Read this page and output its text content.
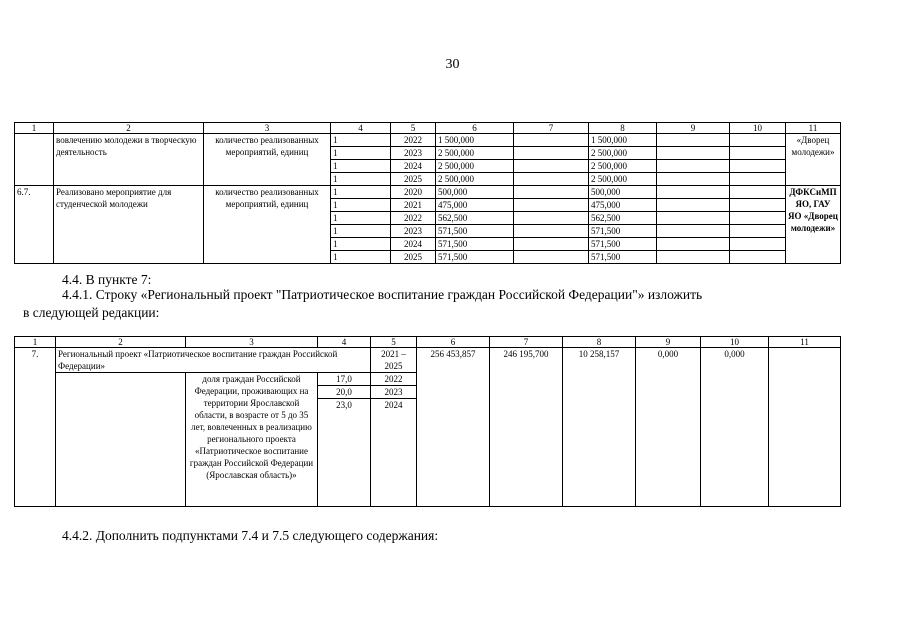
30
1	2	3	4	5	6	7	8	9	10	11
	вовлечению молодежи в творческую деятельность	количество реализованных мероприятий, единиц	1	2022	1 500,000		1 500,000			«Дворец молодежи»
			1	2023	2 500,000		2 500,000			
			1	2024	2 500,000		2 500,000			
			1	2025	2 500,000		2 500,000			
6.7.	Реализовано мероприятие для студенческой молодежи	количество реализованных мероприятий, единиц	1	2020	500,000		500,000			ДФКСиМП ЯО, ГАУ ЯО «Дворец молодежи»
			1	2021	475,000		475,000			
			1	2022	562,500		562,500			
			1	2023	571,500		571,500			
			1	2024	571,500		571,500			
			1	2025	571,500		571,500			
4.4. В пункте 7:
4.4.1. Строку «Региональный проект "Патриотическое воспитание граждан Российской Федерации"» изложить
в следующей редакции:
1	2	3	4	5	6	7	8	9	10	11
7.	Региональный проект «Патриотическое воспитание граждан Российской Федерации»			2021 – 2025	256 453,857	246 195,700	10 258,157	0,000	0,000	
		доля граждан Российской Федерации, проживающих на территории Ярославской области, в возрасте от 5 до 35 лет, вовлеченных в реализацию регионального проекта «Патриотическое воспитание граждан Российской Федерации (Ярославская область)»	17,0	2022						
			20,0	2023						
			23,0	2024						
4.4.2. Дополнить подпунктами 7.4 и 7.5 следующего содержания:
